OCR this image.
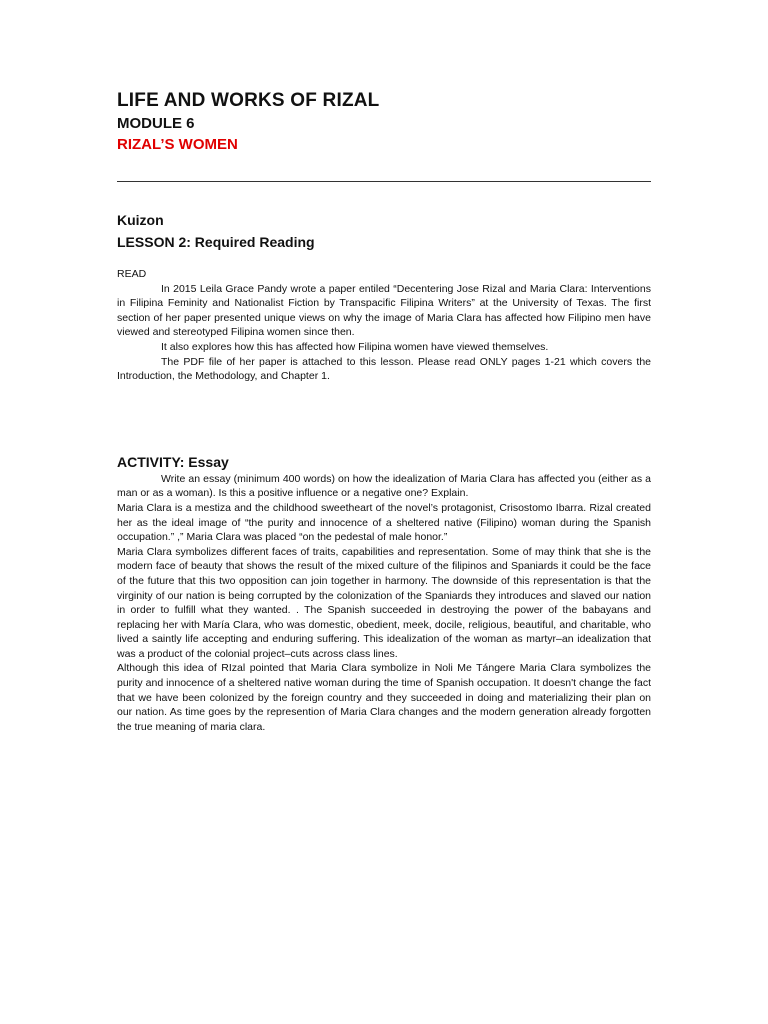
LIFE AND WORKS OF RIZAL
MODULE 6
RIZAL’S WOMEN
Kuizon
LESSON 2: Required Reading
READ

In 2015 Leila Grace Pandy wrote a paper entiled “Decentering Jose Rizal and Maria Clara: Interventions in Filipina Feminity and Nationalist Fiction by Transpacific Filipina Writers” at the University of Texas. The first section of her paper presented unique views on why the image of Maria Clara has affected how Filipino men have viewed and stereotyped Filipina women since then.

It also explores how this has affected how Filipina women have viewed themselves.

The PDF file of her paper is attached to this lesson. Please read ONLY pages 1-21 which covers the Introduction, the Methodology, and Chapter 1.

ACTIVITY: Essay

Write an essay (minimum 400 words) on how the idealization of Maria Clara has affected you (either as a man or as a woman). Is this a positive influence or a negative one? Explain.

Maria Clara is a mestiza and the childhood sweetheart of the novel’s protagonist, Crisostomo Ibarra. Rizal created her as the ideal image of “the purity and innocence of a sheltered native (Filipino) woman during the Spanish occupation.” ,” Maria Clara was placed “on the pedestal of male honor.”

Maria Clara symbolizes different faces of traits, capabilities and representation. Some of may think that she is the modern face of beauty that shows the result of the mixed culture of the filipinos and Spaniards it could be the face of the future that this two opposition can join together in harmony. The downside of this representation is that the virginity of our nation is being corrupted by the colonization of the Spaniards they introduces and slaved our nation in order to fulfill what they wanted. . The Spanish succeeded in destroying the power of the babayans and replacing her with María Clara, who was domestic, obedient, meek, docile, religious, beautiful, and charitable, who lived a saintly life accepting and enduring suffering. This idealization of the woman as martyr–an idealization that was a product of the colonial project–cuts across class lines.

Although this idea of RIzal pointed that Maria Clara symbolize in Noli Me Tángere Maria Clara symbolizes the purity and innocence of a sheltered native woman during the time of Spanish occupation. It doesn't change the fact that we have been colonized by the foreign country and they succeeded in doing and materializing their plan on our nation. As time goes by the represention of Maria Clara changes and the modern generation already forgotten the true meaning of maria clara.
